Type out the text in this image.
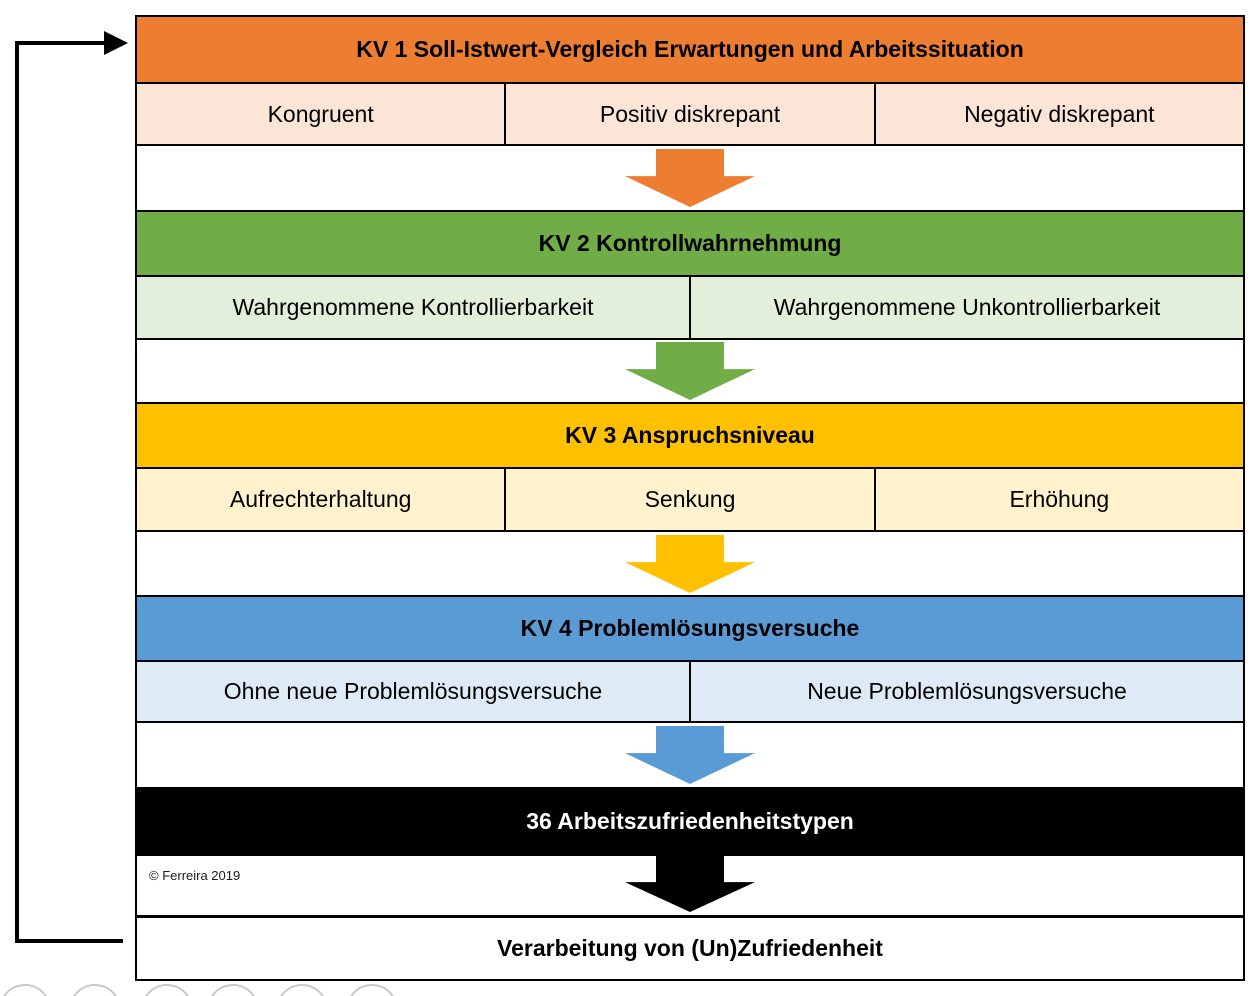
KV 1 Soll-Istwert-Vergleich Erwartungen und Arbeitssituation
Kongruent	Positiv diskrepant	Negativ diskrepant
KV 2 Kontrollwahrnehmung
Wahrgenommene Kontrollierbarkeit	Wahrgenommene Unkontrollierbarkeit
KV 3 Anspruchsniveau
Aufrechterhaltung	Senkung	Erhöhung
KV 4 Problemlösungsversuche
Ohne neue Problemlösungsversuche	Neue Problemlösungsversuche
36 Arbeitszufriedenheitstypen
© Ferreira 2019
Verarbeitung von (Un)Zufriedenheit
